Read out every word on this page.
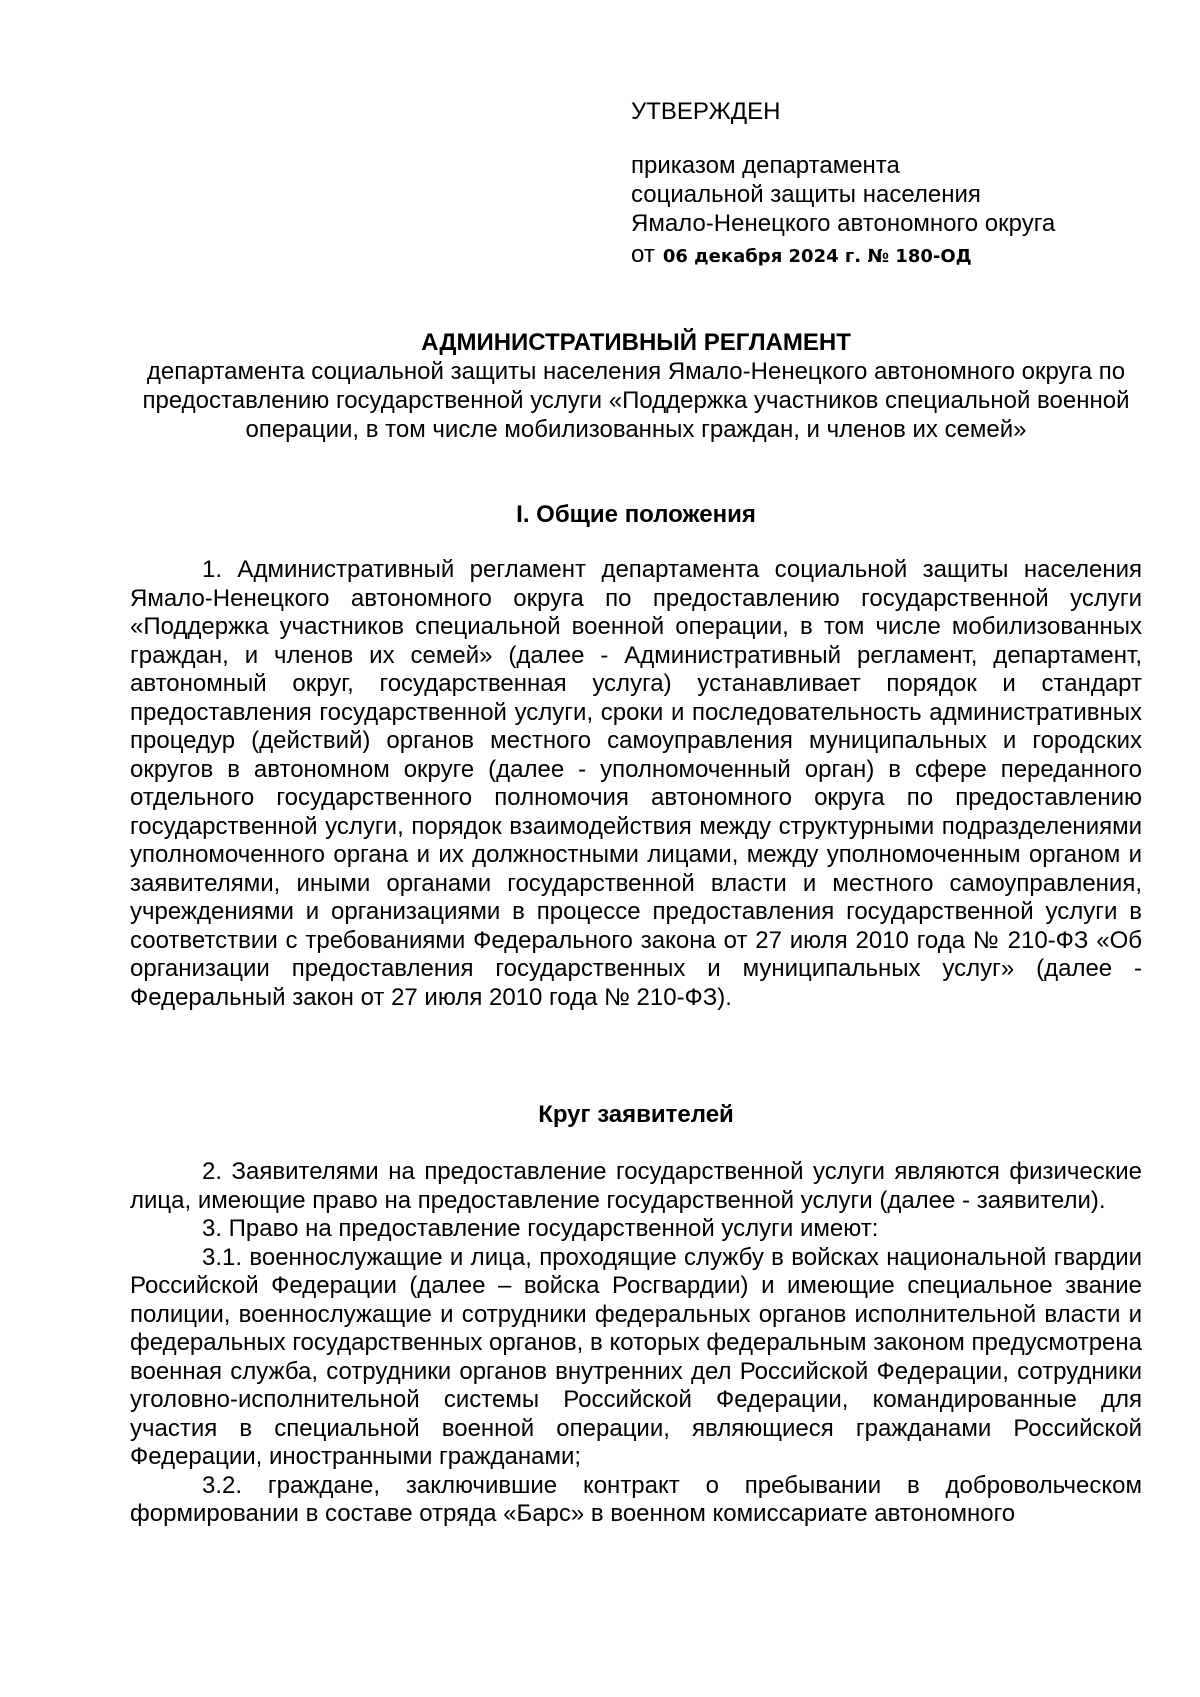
УТВЕРЖДЕН
приказом департамента
социальной защиты населения
Ямало-Ненецкого автономного округа
от 06 декабря 2024 г. № 180-ОД
АДМИНИСТРАТИВНЫЙ РЕГЛАМЕНТ
департамента социальной защиты населения Ямало-Ненецкого автономного округа по предоставлению государственной услуги «Поддержка участников специальной военной операции, в том числе мобилизованных граждан, и членов их семей»
I. Общие положения

1. Административный регламент департамента социальной защиты населения Ямало-Ненецкого автономного округа по предоставлению государственной услуги «Поддержка участников специальной военной операции, в том числе мобилизованных граждан, и членов их семей» (далее - Административный регламент, департамент, автономный округ, государственная услуга) устанавливает порядок и стандарт предоставления государственной услуги, сроки и последовательность административных процедур (действий) органов местного самоуправления муниципальных и городских округов в автономном округе (далее - уполномоченный орган) в сфере переданного отдельного государственного полномочия автономного округа по предоставлению государственной услуги, порядок взаимодействия между структурными подразделениями уполномоченного органа и их должностными лицами, между уполномоченным органом и заявителями, иными органами государственной власти и местного самоуправления, учреждениями и организациями в процессе предоставления государственной услуги в соответствии с требованиями Федерального закона от 27 июля 2010 года № 210-ФЗ «Об организации предоставления государственных и муниципальных услуг» (далее - Федеральный закон от 27 июля 2010 года № 210-ФЗ).

Круг заявителей

2. Заявителями на предоставление государственной услуги являются физические лица, имеющие право на предоставление государственной услуги (далее - заявители).

3. Право на предоставление государственной услуги имеют:

3.1. военнослужащие и лица, проходящие службу в войсках национальной гвардии Российской Федерации (далее – войска Росгвардии) и имеющие специальное звание полиции, военнослужащие и сотрудники федеральных органов исполнительной власти и федеральных государственных органов, в которых федеральным законом предусмотрена военная служба, сотрудники органов внутренних дел Российской Федерации, сотрудники уголовно-исполнительной системы Российской Федерации, командированные для участия в специальной военной операции, являющиеся гражданами Российской Федерации, иностранными гражданами;

3.2. граждане, заключившие контракт о пребывании в добровольческом формировании в составе отряда «Барс» в военном комиссариате автономного
